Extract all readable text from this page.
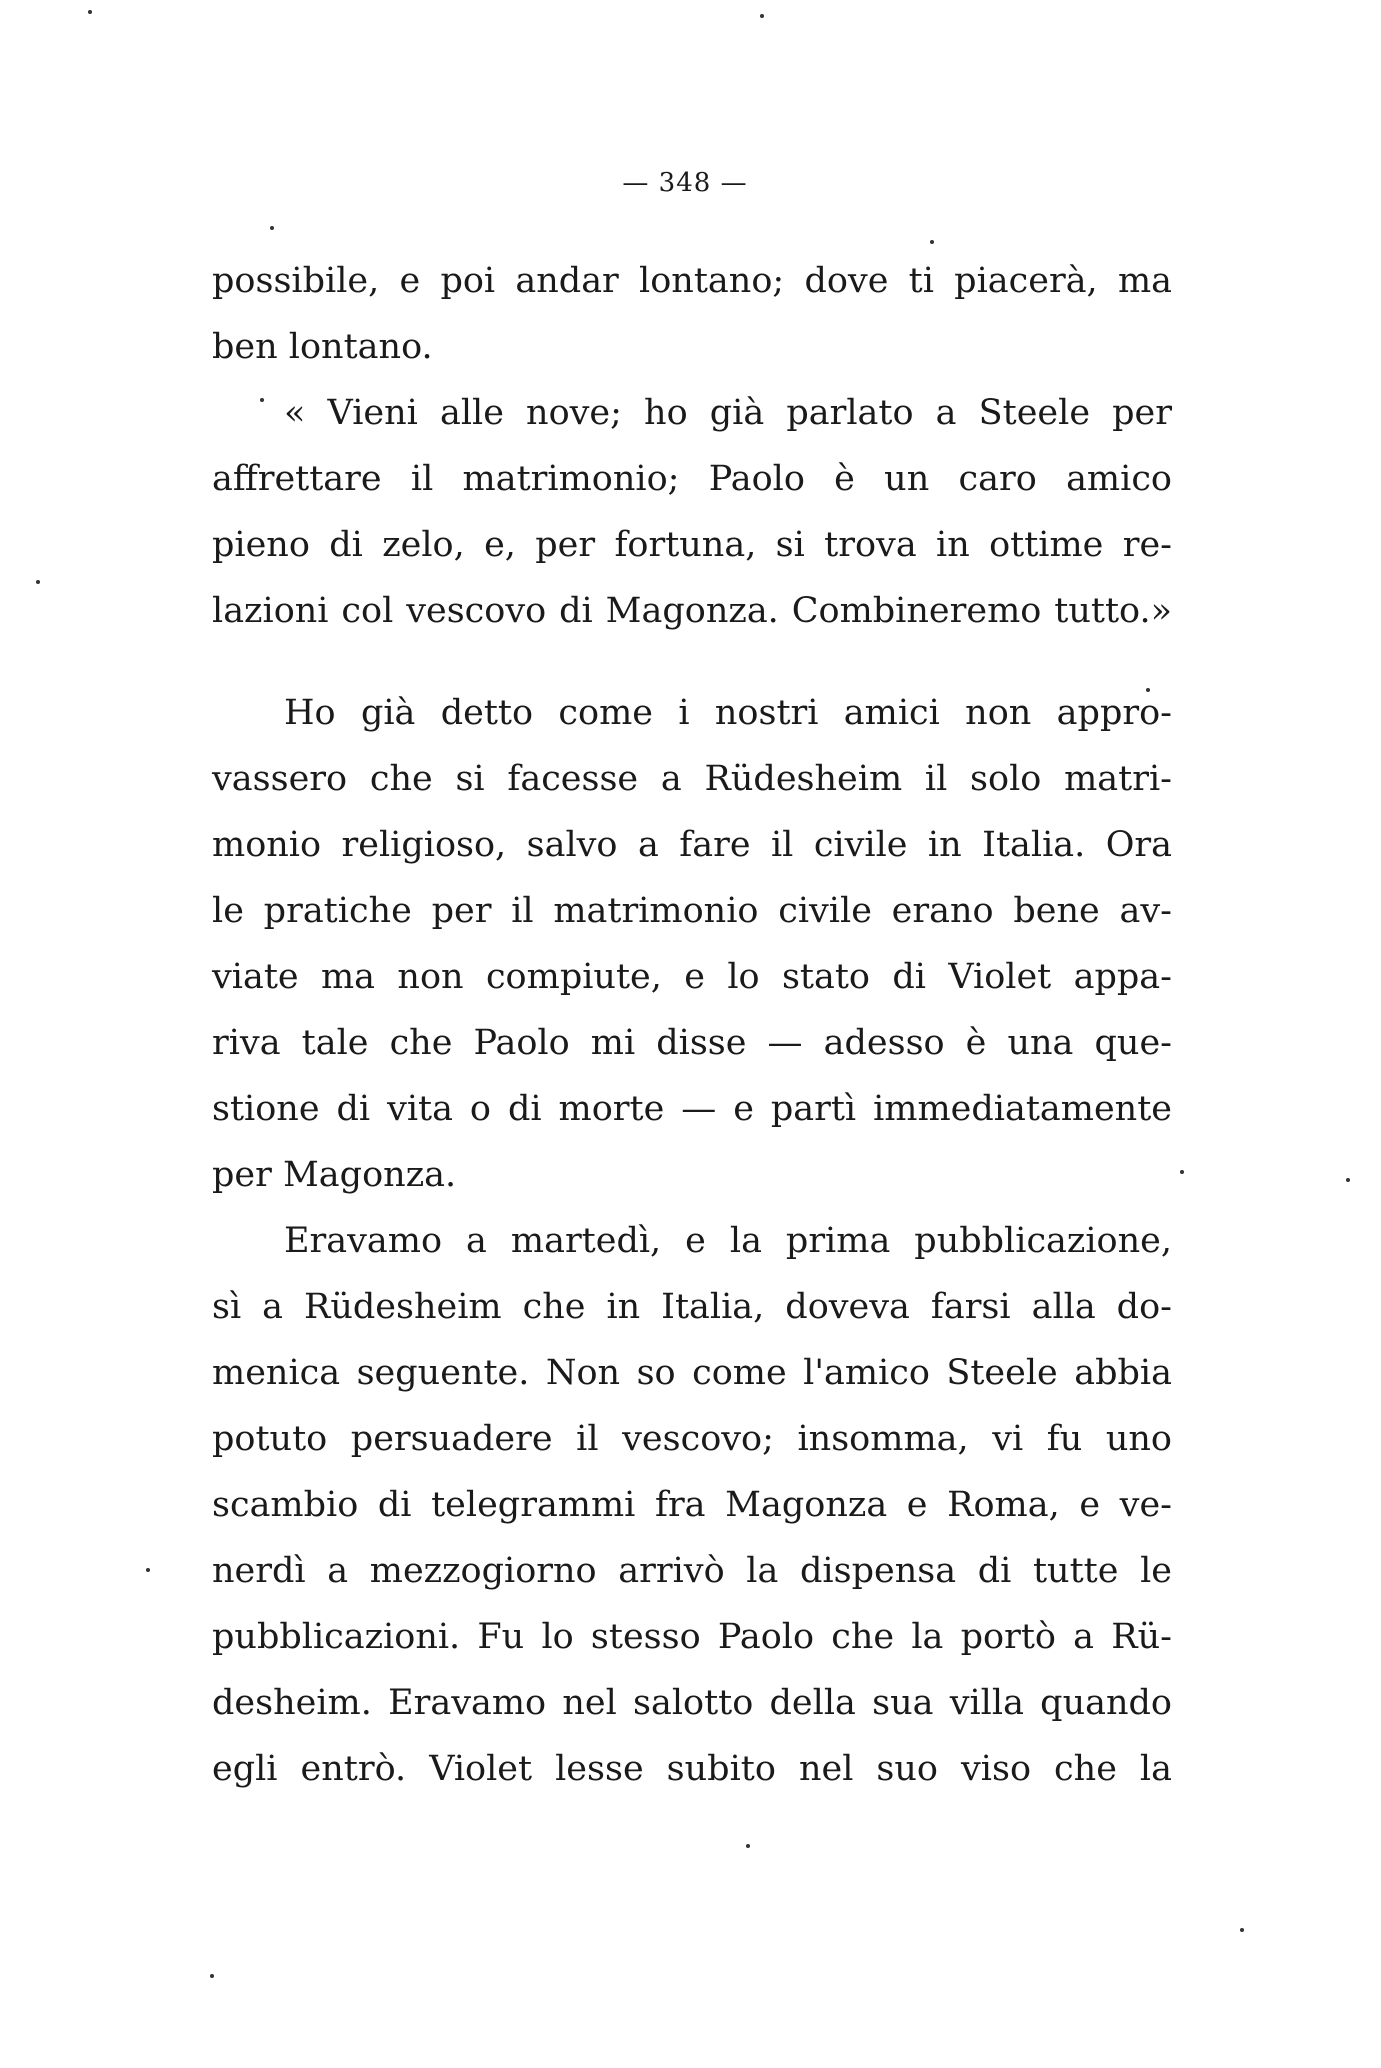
— 348 —
possibile, e poi andar lontano; dove ti piacerà, ma
ben lontano.
« Vieni alle nove; ho già parlato a Steele per
affrettare il matrimonio; Paolo è un caro amico
pieno di zelo, e, per fortuna, si trova in ottime re-
lazioni col vescovo di Magonza. Combineremo tutto.»
Ho già detto come i nostri amici non appro-
vassero che si facesse a Rüdesheim il solo matri-
monio religioso, salvo a fare il civile in Italia. Ora
le pratiche per il matrimonio civile erano bene av-
viate ma non compiute, e lo stato di Violet appa-
riva tale che Paolo mi disse — adesso è una que-
stione di vita o di morte — e partì immediatamente
per Magonza.
Eravamo a martedì, e la prima pubblicazione,
sì a Rüdesheim che in Italia, doveva farsi alla do-
menica seguente. Non so come l'amico Steele abbia
potuto persuadere il vescovo; insomma, vi fu uno
scambio di telegrammi fra Magonza e Roma, e ve-
nerdì a mezzogiorno arrivò la dispensa di tutte le
pubblicazioni. Fu lo stesso Paolo che la portò a Rü-
desheim. Eravamo nel salotto della sua villa quando
egli entrò. Violet lesse subito nel suo viso che la
